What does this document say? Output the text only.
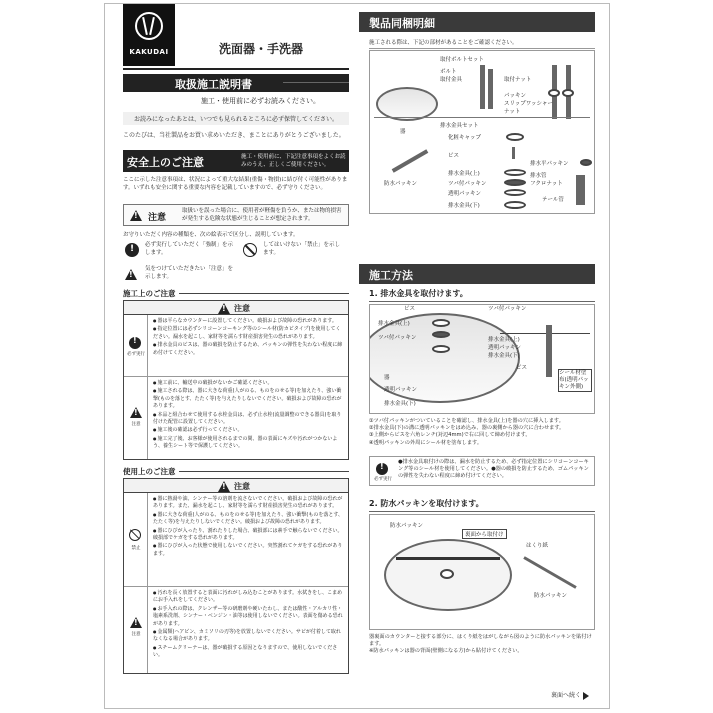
KAKUDAI	洗面器・手洗器
取扱施工説明書
施工・使用前に必ずお読みください。
お読みになったあとは、いつでも見られるところに必ず保管してください。
このたびは、当社製品をお買い求めいただき、まことにありがとうございました。
安全上のご注意	施工・使用前に、下記注意事項をよくお読みのうえ、正しくご使用ください。
ここに示した注意事項は、状況によって重大な結果(重傷・物損)に結び付く可能性があります。いずれも安全に関する重要な内容を記載していますので、必ず守りください。
!
注意
取扱いを誤った場合に、使用者が軽傷を負うか、または物的損害が発生する危険な状態が生じることが想定されます。
お守りいただく内容の種類を、次の絵表示で区分し、説明しています。
!
必ず実行していただく「強制」を示します。
してはいけない「禁止」を示します。
!
気をつけていただきたい「注意」を示します。
施工上のご注意
!
注意
!
必ず実行
● 器は平らなカウンターに設置してください。破損および故障の恐れがあります。
● 指定位置には必ずシリコーンコーキング等のシール材(防カビタイプ)を使用してください。漏水を起こし、家財等を濡らす財産損害発生の恐れがあります。
● 排水金具のビスは、器の破損を防止するため、パッキンの弾性を失わない程度に締め付けてください。
!
注意
● 施工前に、輸送中の破損がないかご確認ください。
● 施工される際は、器に大きな荷重(人がのる、ものをのせる等)を加えたり、強い衝撃(ものを落とす、たたく等)を与えたりしないでください。破損および故障の恐れがあります。
● 本品と組合わせて使用する水栓金具は、必ず止水栓(流量調整のできる器具)を取り付けた配管に設置してください。
● 施工後の確認は必ず行ってください。
● 施工完了後、お客様が使用されるまでの間、器の表面にキズや汚れがつかないよう、養生シート等で保護してください。
使用上のご注意
!
注意
禁止
● 器に熱湯や油、シンナー等の溶剤を流さないでください。破損および故障の恐れがあります。また、漏水を起こし、家財等を濡らす財産損害発生の恐れがあります。
● 器に大きな荷重(人がのる、ものをのせる等)を加えたり、強い衝撃(ものを落とす、たたく等)を与えたりしないでください。破損および故障の恐れがあります。
● 器にひびが入ったり、割れたりした場合、破損部には素手で触らないでください。破損部でケガをする恐れがあります。
● 器にひびが入った状態で使用しないでください。突然割れてケガをする恐れがあります。
!
注意
● 汚れを長く放置すると表面に汚れがしみ込むことがあります。水拭きをし、こまめにお手入れをしてください。
● お手入れの際は、クレンザー等の研磨剤や硬いたわし、または酸性・アルカリ性・塩素系洗剤、シンナー・ベンジン・油等は使用しないでください。表面を傷める恐れがあります。
● 金属類(ヘアピン、カミソリの刃等)を放置しないでください。サビが付着して取れなくなる場合があります。
● スチームクリーナーは、器が破損する原因となりますので、使用しないでください。
製品同梱明細
施工される際は、下記の部材があることをご確認ください。
器
取付ボルトセット
ボルト
取付金具	取付ナット
パッキン
スリップワッシャー
ナット
排水金具セット
化粧キャップ
ビス
排水金具(上)
ツバ付パッキン
透明パッキン
排水金具(下)
排水平パッキン
排水管
フクロナット
テール管
防水パッキン
施工方法
1. 排水金具を取付けます。
ビス
排水金具(上)
ツバ付パッキン
器
透明パッキン
排水金具(下)
ツバ付パッキン
排水金具(上)
透明パッキン
排水金具(下)
ビス
シール材塗布(透明パッキン外側)
①ツバ付パッキンがついていることを確認し、排水金具(上)を器の穴に挿入します。
②排水金具(下)の溝に透明パッキンをはめ込み、器の裏側から器の穴に合わせます。
③上側からビスを六角レンチ(対辺4mm)で右に回して締め付けます。
④透明パッキンの外周にシール材を塗布します。
!
必ず実行
●排水金具取付けの際は、漏水を防止するため、必ず指定位置にシリコーンコーキング等のシール材を使用してください。●器の破損を防止するため、ゴムパッキンの弾性を失わない程度に締め付けてください。
2. 防水パッキンを取付けます。
防水パッキン
裏面から取付け
はくり紙
防水パッキン
器裏面のカウンターと接する部分に、はくり紙をはがしながら図のように防水パッキンを貼付けます。
※防水パッキンは器の背面(壁側になる方)から貼付けてください。
裏面へ続く
